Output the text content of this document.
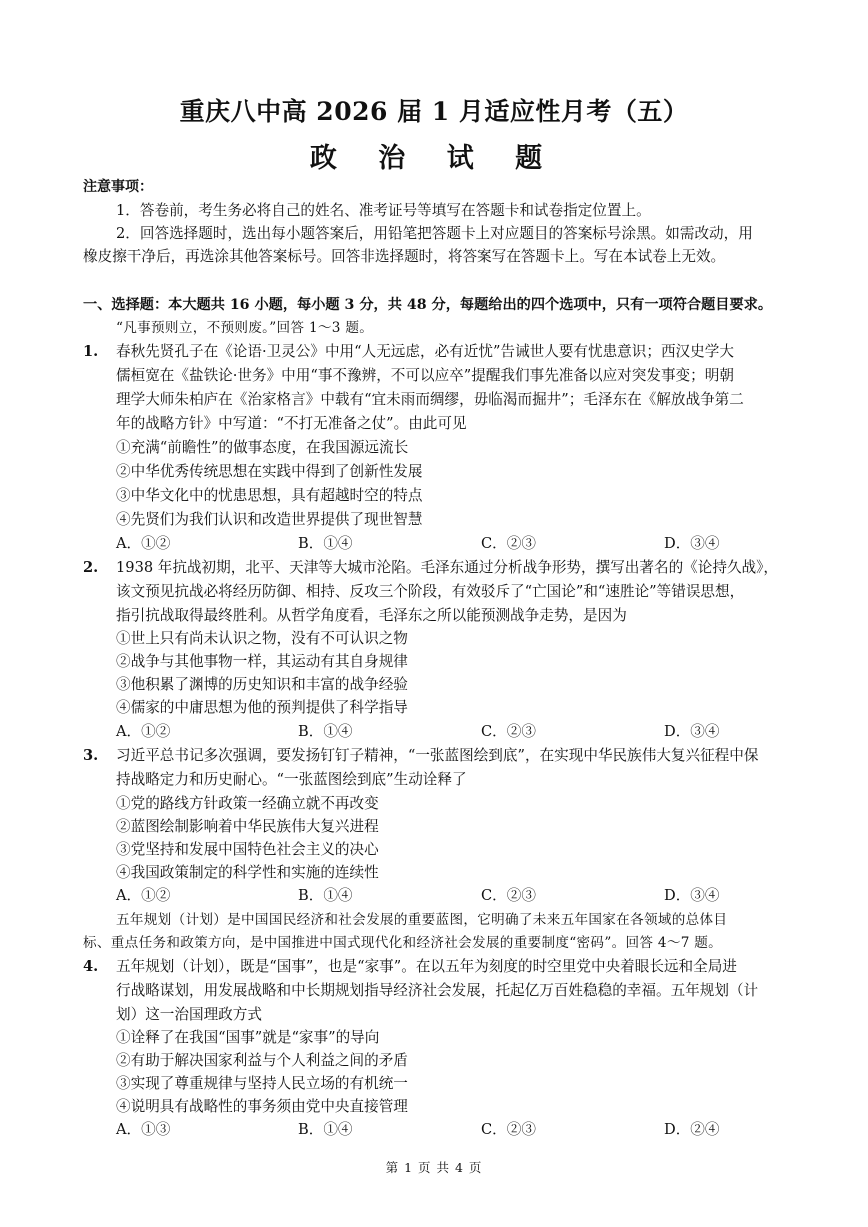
重庆八中高 2026 届 1 月适应性月考（五）
政 治 试 题
注意事项：
1．答卷前，考生务必将自己的姓名、准考证号等填写在答题卡和试卷指定位置上。
2．回答选择题时，选出每小题答案后，用铅笔把答题卡上对应题目的答案标号涂黑。如需改动，用
橡皮擦干净后，再选涂其他答案标号。回答非选择题时，将答案写在答题卡上。写在本试卷上无效。
一、选择题：本大题共 16 小题，每小题 3 分，共 48 分，每题给出的四个选项中，只有一项符合题目要求。
“凡事预则立，不预则废。”回答 1～3 题。
1. 春秋先贤孔子在《论语·卫灵公》中用“人无远虑，必有近忧”告诫世人要有忧患意识；西汉史学大
儒桓宽在《盐铁论·世务》中用“事不豫辨，不可以应卒”提醒我们事先准备以应对突发事变；明朝
理学大师朱柏庐在《治家格言》中载有“宜未雨而绸缪，毋临渴而掘井”；毛泽东在《解放战争第二
年的战略方针》中写道：“不打无准备之仗”。由此可见
①充满“前瞻性”的做事态度，在我国源远流长
②中华优秀传统思想在实践中得到了创新性发展
③中华文化中的忧患思想，具有超越时空的特点
④先贤们为我们认识和改造世界提供了现世智慧
A．①②	B．①④	C．②③	D．③④
2. 1938 年抗战初期，北平、天津等大城市沦陷。毛泽东通过分析战争形势，撰写出著名的《论持久战》，
该文预见抗战必将经历防御、相持、反攻三个阶段，有效驳斥了“亡国论”和“速胜论”等错误思想，
指引抗战取得最终胜利。从哲学角度看，毛泽东之所以能预测战争走势，是因为
①世上只有尚未认识之物，没有不可认识之物
②战争与其他事物一样，其运动有其自身规律
③他积累了渊博的历史知识和丰富的战争经验
④儒家的中庸思想为他的预判提供了科学指导
A．①②	B．①④	C．②③	D．③④
3. 习近平总书记多次强调，要发扬钉钉子精神，“一张蓝图绘到底”，在实现中华民族伟大复兴征程中保
持战略定力和历史耐心。“一张蓝图绘到底”生动诠释了
①党的路线方针政策一经确立就不再改变
②蓝图绘制影响着中华民族伟大复兴进程
③党坚持和发展中国特色社会主义的决心
④我国政策制定的科学性和实施的连续性
A．①②	B．①④	C．②③	D．③④
五年规划（计划）是中国国民经济和社会发展的重要蓝图，它明确了未来五年国家在各领域的总体目
标、重点任务和政策方向，是中国推进中国式现代化和经济社会发展的重要制度“密码”。回答 4～7 题。
4. 五年规划（计划），既是“国事”，也是“家事”。在以五年为刻度的时空里党中央着眼长远和全局进
行战略谋划，用发展战略和中长期规划指导经济社会发展，托起亿万百姓稳稳的幸福。五年规划（计
划）这一治国理政方式
①诠释了在我国“国事”就是“家事”的导向
②有助于解决国家利益与个人利益之间的矛盾
③实现了尊重规律与坚持人民立场的有机统一
④说明具有战略性的事务须由党中央直接管理
A．①③	B．①④	C．②③	D．②④
第 1 页 共 4 页
